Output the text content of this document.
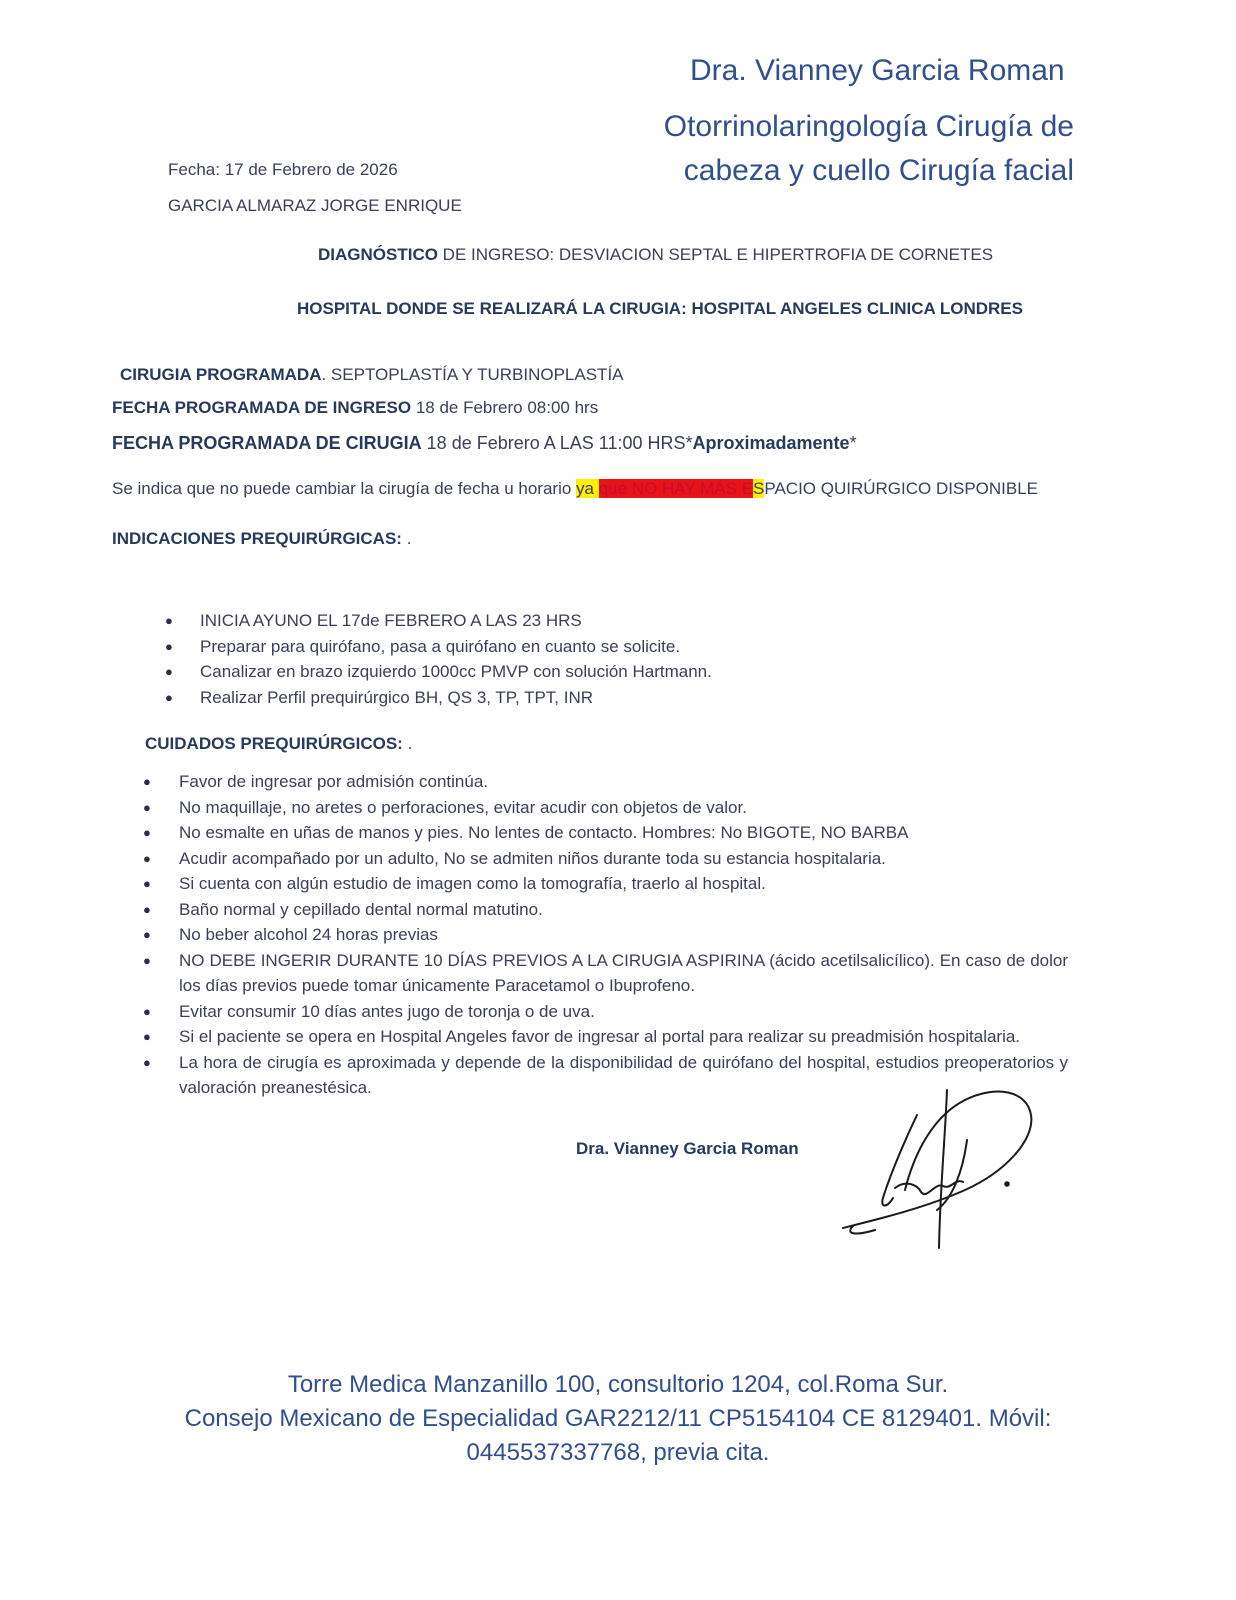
Dra. Vianney Garcia Roman
Otorrinolaringología Cirugía de
cabeza y cuello Cirugía facial
Fecha: 17 de Febrero de 2026
GARCIA ALMARAZ JORGE ENRIQUE
DIAGNÓSTICO DE INGRESO: DESVIACION SEPTAL E HIPERTROFIA DE CORNETES
HOSPITAL DONDE SE REALIZARÁ LA CIRUGIA: HOSPITAL ANGELES CLINICA LONDRES
CIRUGIA PROGRAMADA. SEPTOPLASTÍA Y TURBINOPLASTÍA
FECHA PROGRAMADA DE INGRESO 18 de Febrero 08:00 hrs
FECHA PROGRAMADA DE CIRUGIA 18 de Febrero A LAS 11:00 HRS*Aproximadamente*
Se indica que no puede cambiar la cirugía de fecha u horario ya que NO HAY MÁS ESPACIO QUIRÚRGICO DISPONIBLE
INDICACIONES PREQUIRÚRGICAS: .
● INICIA AYUNO EL 17de FEBRERO A LAS 23 HRS
● Preparar para quirófano, pasa a quirófano en cuanto se solicite.
● Canalizar en brazo izquierdo 1000cc PMVP con solución Hartmann.
● Realizar Perfil prequirúrgico BH, QS 3, TP, TPT, INR
CUIDADOS PREQUIRÚRGICOS: .
● Favor de ingresar por admisión continúa.
● No maquillaje, no aretes o perforaciones, evitar acudir con objetos de valor.
● No esmalte en uñas de manos y pies. No lentes de contacto. Hombres: No BIGOTE, NO BARBA
● Acudir acompañado por un adulto, No se admiten niños durante toda su estancia hospitalaria.
● Si cuenta con algún estudio de imagen como la tomografía, traerlo al hospital.
● Baño normal y cepillado dental normal matutino.
● No beber alcohol 24 horas previas
● NO DEBE INGERIR DURANTE 10 DÍAS PREVIOS A LA CIRUGIA ASPIRINA (ácido acetilsalicílico). En caso de dolor los días previos puede tomar únicamente Paracetamol o Ibuprofeno.
● Evitar consumir 10 días antes jugo de toronja o de uva.
● Si el paciente se opera en Hospital Angeles favor de ingresar al portal para realizar su preadmisión hospitalaria.
● La hora de cirugía es aproximada y depende de la disponibilidad de quirófano del hospital, estudios preoperatorios y valoración preanestésica.
Dra. Vianney Garcia Roman
Torre Medica Manzanillo 100, consultorio 1204, col.Roma Sur.
Consejo Mexicano de Especialidad GAR2212/11 CP5154104 CE 8129401. Móvil:
0445537337768, previa cita.
